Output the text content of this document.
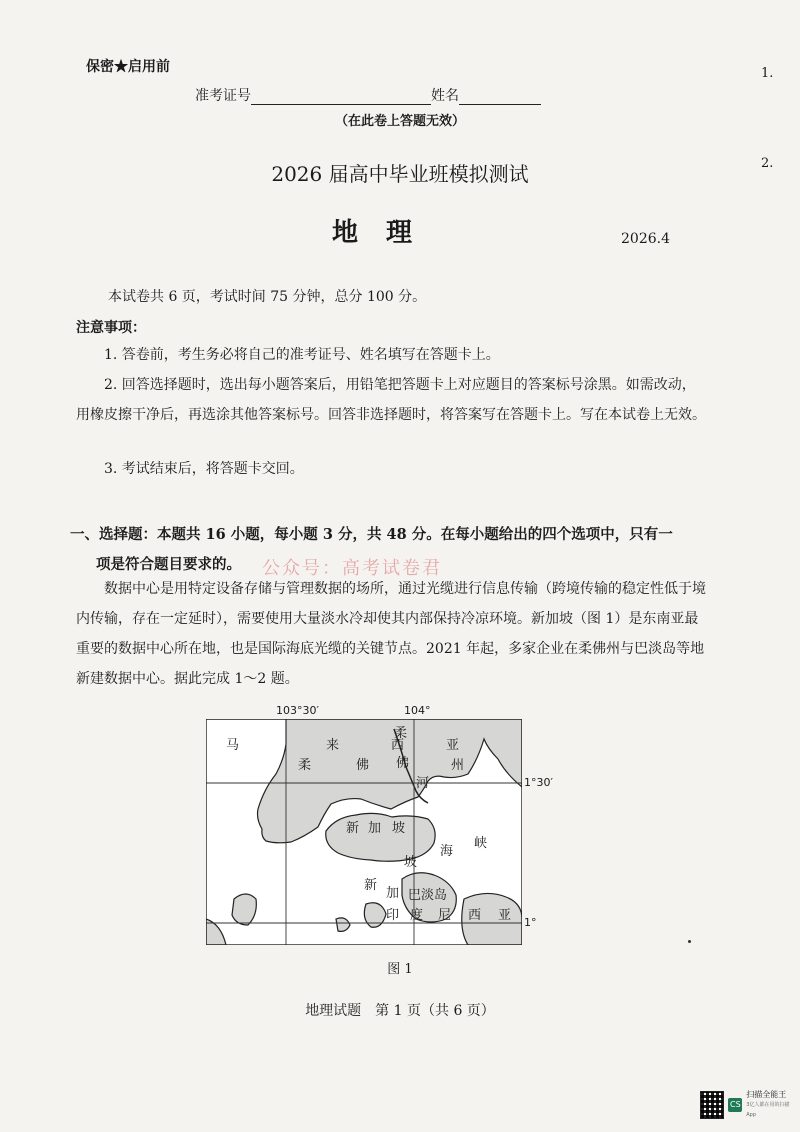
保密★启用前	1.
2.
准考证号	姓名
（在此卷上答题无效）
2026 届高中毕业班模拟测试
地理	2026.4
本试卷共 6 页，考试时间 75 分钟，总分 100 分。
注意事项：
1. 答卷前，考生务必将自己的准考证号、姓名填写在答题卡上。
2. 回答选择题时，选出每小题答案后，用铅笔把答题卡上对应题目的答案标号涂黑。如需改动，用橡皮擦干净后，再选涂其他答案标号。回答非选择题时，将答案写在答题卡上。写在本试卷上无效。
3. 考试结束后，将答题卡交回。
一、选择题：本题共 16 小题，每小题 3 分，共 48 分。在每小题给出的四个选项中，只有一
项是符合题目要求的。	公众号：高考试卷君
数据中心是用特定设备存储与管理数据的场所，通过光缆进行信息传输（跨境传输的稳定性低于境内传输，存在一定延时），需要使用大量淡水冷却使其内部保持冷凉环境。新加坡（图 1）是东南亚最重要的数据中心所在地，也是国际海底光缆的关键节点。2021 年起，多家企业在柔佛州与巴淡岛等地新建数据中心。据此完成 1～2 题。
马	来	西	亚
柔
佛
河
柔	佛	州
新 加 坡
新
加
坡
海
峡
巴淡岛
印 度 尼 西 亚
103°30′	104°
1°30′
1°
图 1
地理试题　第 1 页（共 6 页）
CS
扫描全能王
3亿人都在用的扫描App
